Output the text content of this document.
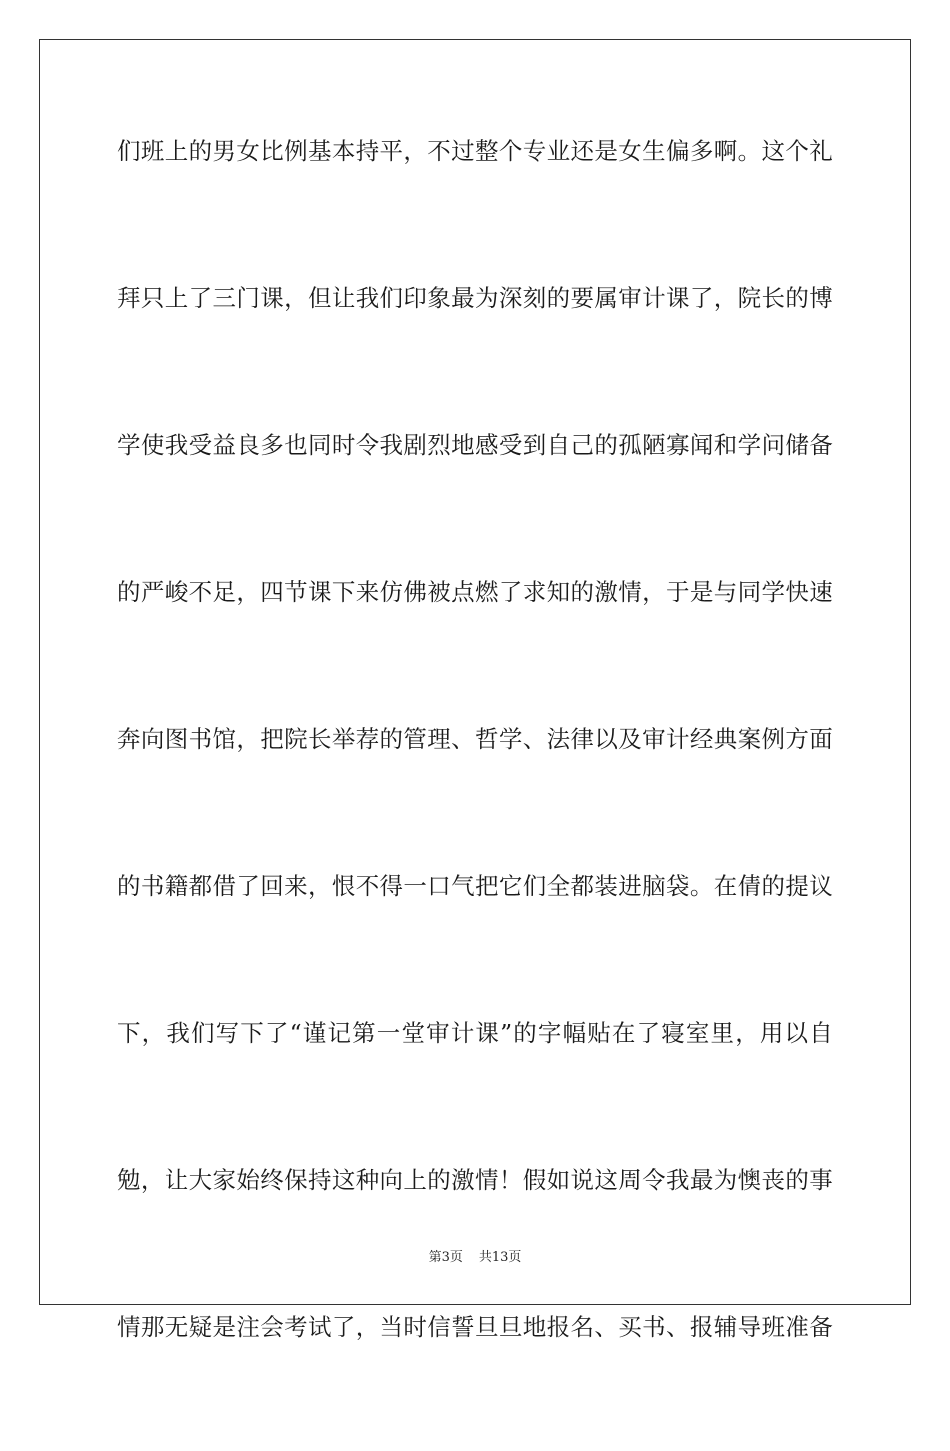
们班上的男女比例基本持平，不过整个专业还是女生偏多啊。这个礼
拜只上了三门课，但让我们印象最为深刻的要属审计课了，院长的博
学使我受益良多也同时令我剧烈地感受到自己的孤陋寡闻和学问储备
的严峻不足，四节课下来仿佛被点燃了求知的激情，于是与同学快速
奔向图书馆，把院长举荐的管理、哲学、法律以及审计经典案例方面
的书籍都借了回来，恨不得一口气把它们全都装进脑袋。在倩的提议
下，我们写下了“谨记第一堂审计课”的字幅贴在了寝室里，用以自
勉，让大家始终保持这种向上的激情！假如说这周令我最为懊丧的事
情那无疑是注会考试了，当时信誓旦旦地报名、买书、报辅导班准备
第3页 共13页
